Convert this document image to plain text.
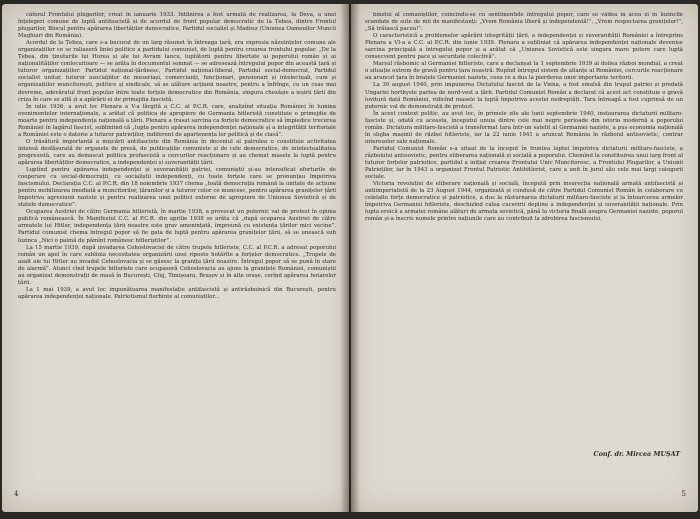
căforul Frontului plugarilor, creat în ianuarie 1933. Întîlnirea a fost urmată de realizarea, la Deva, a unei înțelegeri comune de luptă antifascistă și de acordul de front popular democratic de la Țebea, dintre Frontul plugarilor, Blocul pentru apărarea libertăților democratice, Partidul socialist și Madosz (Uniunea Oamenilor Muncii Maghiari din România).

Acordul de la Țebea, care s-a bucurat de un larg răsunet în întreaga țară, era expresia năzuințelor comune ale organizațiilor ce se raliaseră liniei politice a partidului comunist, de luptă pentru crearea frontului popular. „De la Țebea, din ținuturile lui Horea și ale lui Avram Iancu, luptătorii pentru libertate ai poporului român și ai naționalităților conlocuitoare — se arăta în documentul semnat — se adresează întregului popor din această țară și tuturor organizațiilor: Partidul național-țărănesc, Partidul național-liberal, Partidul social-democrat, Partidul socialist unitar, tuturor asociațiilor de meseriași, comercianți, funcționari, pensionari și intelectuali, cum și organizațiilor muncitorești, politice și sindicale, să se alăture acțiunii noastre, pentru a înfrînge, cu un ceas mai devreme, adevăratul front popular între toate forțele democratice din România, singura chezășie a ieșirii țării din criza în care se află și a apărării ei de primejdia fascistă.

În iulie 1936, a avut loc Plenara a V-a lărgită a C.C. al P.C.R. care, analizînd situația României în lumina evenimentelor internaționale, a arătat că politica de apropiere de Germania hitleristă constituie o primejdie de moarte pentru independența națională a țării. Plenara a trasat sarcina ca forțele democratice să împiedice trecerea României în lagărul fascist, subliniind că „lupta pentru apărarea independenței naționale și a integrității teritoriale a României este o datorie a tuturor patrioților, indiferent de apartenența lor politică și de clasă”.

O trăsătură importantă a mișcării antifasciste din România în deceniul al patrulea o constituie activitatea intensă desfășurată de organele de presă, de publicațiile comuniste și de cele democratice, de intelectualitatea progresistă, care au demascat politica profascistă a cercurilor reacționare și au chemat masele la luptă pentru apărarea libertăților democratice, a independenței și suveranității țării.

Luptînd pentru apărarea independenței și suveranității patriei, comuniștii și-au intensificat eforturile de cooperare cu social-democrații, cu socialiștii independenți, cu toate forțele care se pronunțau împotriva fascismului. Declarația C.C. al P.C.R. din 18 noiembrie 1937 chema „toată democrația română la unitate de acțiune pentru mobilizarea imediată a muncitorilor, țăranilor și a tuturor celor ce muncesc, pentru apărarea granițelor țării împotriva agresiunii naziste și pentru realizarea unei politici externe de apropiere de Uniunea Sovietică și de statele democratice”.

Ocuparea Austriei de către Germania hitleristă, în martie 1938, a provocat un puternic val de protest în opinia publică românească. În Manifestul C.C. al P.C.R. din aprilie 1938 se arăta că „după ocuparea Austriei de către armatele lui Hitler, independența țării noastre este grav amenințată, împreună cu existența țărilor mici vecine”. Partidul comunist chema întregul popor să fie gata de luptă pentru apărarea granițelor țării, să se unească sub lozinca „Nici o palmă de pămînt românesc hitleriștilor”.

La 15 martie 1939, după invadarea Cehoslovaciei de către trupele hitleriste, C.C. al P.C.R. a adresat poporului român un apel în care sublinia necesitatea organizării unei riposte hotărîte a forțelor democratice. „Trupele de asalt ale lui Hitler au invadat Cehoslovacia și se găsesc la granița țării noastre. Întregul popor să se pună în stare de alarmă”. Atunci cînd trupele hitleriste care ocupaseră Cehoslovacia au ajuns la granițele României, comuniștii au organizat demonstrații de masă în București, Cluj, Timișoara, Brașov și în alte orașe, cerînd apărarea hotarelor țării.

La 1 mai 1939, a avut loc impunătoarea manifestație antifascistă și antirăzboinică din București, pentru apărarea independenței naționale. Patriotismul fierbinte al comuniștilor...

4

binelui al comuniștilor, coincîndu-se cu sentimentele întregului popor, care se vădea în acea zi în lozincile scandate de sute de mii de manifestanți: „Vrem România liberă și independentă!”, „Vrem respectarea granițelor!”, „Să trăiască pacea!”.

O caracteristică a problemelor apărării integrității țării, a independenței și suveranității României a întreprins Plenara a VI-a a C.C. al P.C.R. din iunie 1939. Plenara a subliniat că apărarea independenței naționale devenise sarcina principală a întregului popor și a arătat că „Uniunea Sovietică este singura mare putere care luptă consecvent pentru pace și securitate colectivă”.

Marșul răsboinic al Germaniei hitleriste, care a declanșat la 1 septembrie 1939 al doilea război mondial, a creat o situație extrem de gravă pentru țara noastră. Rupînd întregul sistem de alianțe al României, cercurile reacționare au aruncat țara în brațele Germaniei naziste, ceea ce a dus la pierderea unor importante teritorii.

La 30 august 1940, prin impunerea Dictatului fascist de la Viena, a fost smulsă din trupul patriei și predată Ungariei horthyste partea de nord-vest a țării. Partidul Comunist Român a declarat că acest act constituie o gravă lovitură dată României, ridicînd masele la luptă împotriva acestei nedreptăți. Tara întreagă a fost cuprinsă de un puternic val de demonstrații de protest.

În acest context politic, au avut loc, în primele zile ale lunii septembrie 1940, instaurarea dictaturii militaro-fasciste și, odată cu aceasta, începutul unuia dintre cele mai negre perioade din istoria modernă a poporului român. Dictatura militaro-fascistă a transformat țara într-un satelit al Germaniei naziste, a pus economia națională în slujba mașinii de război hitleriste, iar la 22 iunie 1941 a aruncat România în războiul antisovietic, contrar intereselor sale naționale.

Partidul Comunist Român s-a situat de la început în fruntea luptei împotriva dictaturii militaro-fasciste, a războiului antisovietic, pentru eliberarea națională și socială a poporului. Chemînd la constituirea unui larg front al tuturor forțelor patriotice, partidul a inițiat crearea Frontului Unic Muncitoresc, a Frontului Plugarilor, a Uniunii Patrioților, iar în 1943 a organizat Frontul Patriotic Antihitlerist, care a unit în jurul său cele mai largi categorii sociale.

Victoria revoluției de eliberare națională și socială, începută prin insurecția națională armată antifascistă și antiimperialistă de la 23 August 1944, organizată și condusă de către Partidul Comunist Român în colaborare cu celelalte forțe democratice și patriotice, a dus la răsturnarea dictaturii militaro-fasciste și la întoarcerea armelor împotriva Germaniei hitleriste, deschizînd calea cuceririi depline a independenței și suveranității naționale. Prin lupta eroică a armatei române alături de armata sovietică, până la victoria finală asupra Germaniei naziste, poporul român și-a înscris numele printre națiunile care au contribuit la zdrobirea fascismului.

Conf. dr. Mircea MUȘAT
5
